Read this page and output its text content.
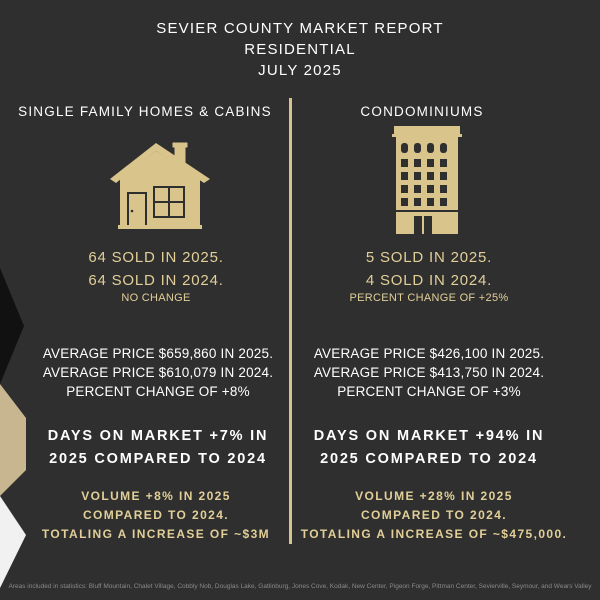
SEVIER COUNTY MARKET REPORT
RESIDENTIAL
JULY 2025
SINGLE FAMILY HOMES & CABINS
64 SOLD IN 2025.
64 SOLD IN 2024.
NO CHANGE
AVERAGE PRICE $659,860 IN 2025.
AVERAGE PRICE $610,079 IN 2024.
PERCENT CHANGE OF +8%
DAYS ON MARKET +7% IN
2025 COMPARED TO 2024
VOLUME +8% IN 2025
COMPARED TO 2024.
TOTALING A INCREASE OF ~$3M
CONDOMINIUMS
5 SOLD IN 2025.
4 SOLD IN 2024.
PERCENT CHANGE OF +25%
AVERAGE PRICE $426,100 IN 2025.
AVERAGE PRICE $413,750 IN 2024.
PERCENT CHANGE OF +3%
DAYS ON MARKET +94% IN
2025 COMPARED TO 2024
VOLUME +28% IN 2025
COMPARED TO 2024.
TOTALING A INCREASE OF ~$475,000.
Areas included in statistics: Bluff Mountain, Chalet Village, Cobbly Nob, Douglas Lake, Gatlinburg, Jones Cove, Kodak, New Center, Pigeon Forge, Pittman Center, Sevierville, Seymour, and Wears Valley
